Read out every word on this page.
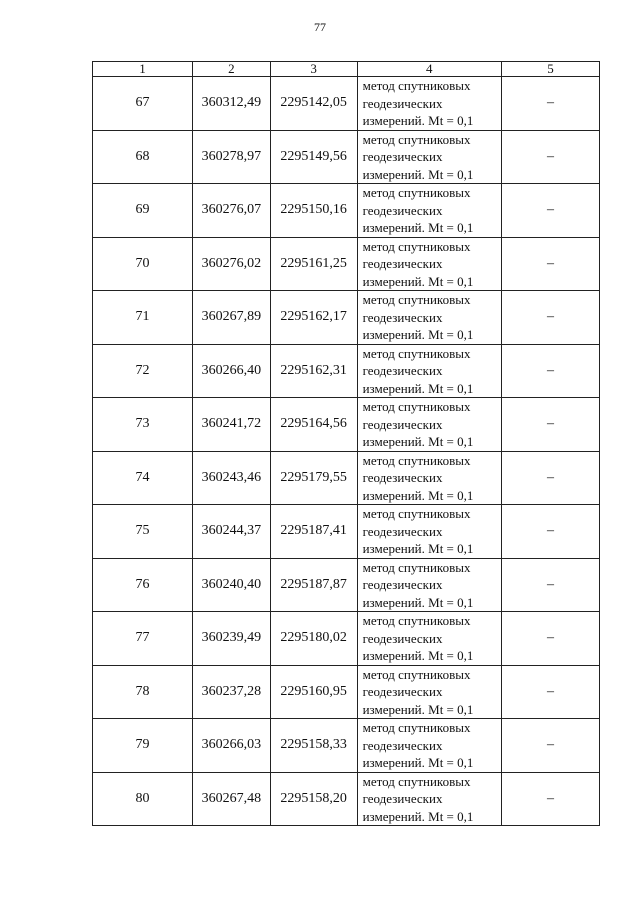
77
1	2	3	4	5
67	360312,49	2295142,05	метод спутниковых
геодезических
измерений. Mt = 0,1	–
68	360278,97	2295149,56	метод спутниковых
геодезических
измерений. Mt = 0,1	–
69	360276,07	2295150,16	метод спутниковых
геодезических
измерений. Mt = 0,1	–
70	360276,02	2295161,25	метод спутниковых
геодезических
измерений. Mt = 0,1	–
71	360267,89	2295162,17	метод спутниковых
геодезических
измерений. Mt = 0,1	–
72	360266,40	2295162,31	метод спутниковых
геодезических
измерений. Mt = 0,1	–
73	360241,72	2295164,56	метод спутниковых
геодезических
измерений. Mt = 0,1	–
74	360243,46	2295179,55	метод спутниковых
геодезических
измерений. Mt = 0,1	–
75	360244,37	2295187,41	метод спутниковых
геодезических
измерений. Mt = 0,1	–
76	360240,40	2295187,87	метод спутниковых
геодезических
измерений. Mt = 0,1	–
77	360239,49	2295180,02	метод спутниковых
геодезических
измерений. Mt = 0,1	–
78	360237,28	2295160,95	метод спутниковых
геодезических
измерений. Mt = 0,1	–
79	360266,03	2295158,33	метод спутниковых
геодезических
измерений. Mt = 0,1	–
80	360267,48	2295158,20	метод спутниковых
геодезических
измерений. Mt = 0,1	–
